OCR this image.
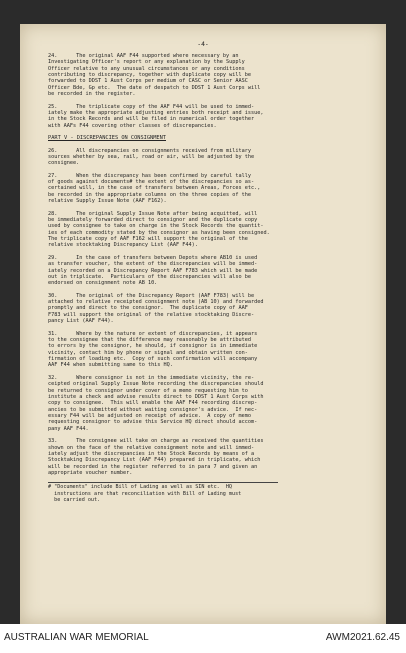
-4-
24.      The original AAF F44 supported where necessary by an
Investigating Officer's report or any explanation by the Supply
Officer relative to any unusual circumstances or any conditions
contributing to discrepancy, together with duplicate copy will be
forwarded to DDST 1 Aust Corps per medium of CASC or Senior AASC
Officer Bde, Gp etc.  The date of despatch to DDST 1 Aust Corps will
be recorded in the register.
25.      The triplicate copy of the AAF F44 will be used to immed-
iately make the appropriate adjusting entries both receipt and issue,
in the Stock Records and will be filed in numerical order together
with AAFs F44 covering other classes of discrepancies.
PART V - DISCREPANCIES ON CONSIGNMENT
26.      All discrepancies on consignments received from military
sources whether by sea, rail, road or air, will be adjusted by the
consignee.
27.      When the discrepancy has been confirmed by careful tally
of goods against documents# the extent of the discrepancies so as-
certained will, in the case of transfers between Areas, Forces etc.,
be recorded in the appropriate columns on the three copies of the
relative Supply Issue Note (AAF F162).
28.      The original Supply Issue Note after being acquitted, will
be immediately forwarded direct to consignor and the duplicate copy
used by consignee to take on charge in the Stock Records the quantit-
ies of each commodity stated by the consignor as having been consigned.
The triplicate copy of AAF F162 will support the original of the
relative stocktaking Discrepancy List (AAF F44).
29.      In the case of transfers between Depots where AB10 is used
as transfer voucher, the extent of the discrepancies will be immed-
iately recorded on a Discrepancy Report AAF F783 which will be made
out in triplicate.  Particulars of the discrepancies will also be
endorsed on consignment note AB 10.
30.      The original of the Discrepancy Report (AAF F783) will be
attached to relative receipted consignment note (AB 10) and forwarded
promptly and direct to the consignor.  The duplicate copy of AAF
F783 will support the original of the relative stocktaking Discre-
pancy List (AAF F44).
31.      Where by the nature or extent of discrepancies, it appears
to the consignee that the difference may reasonably be attributed
to errors by the consignor, he should, if consignor is in immediate
vicinity, contact him by phone or signal and obtain written con-
firmation of loading etc.  Copy of such confirmation will accompany
AAF F44 when submitting same to this HQ.
32.      Where consignor is not in the immediate vicinity, the re-
ceipted original Supply Issue Note recording the discrepancies should
be returned to consignor under cover of a memo requesting him to
institute a check and advise results direct to DDST 1 Aust Corps with
copy to consignee.  This will enable the AAF F44 recording discrep-
ancies to be submitted without waiting consignor's advice.  If nec-
essary F44 will be adjusted on receipt of advice.  A copy of memo
requesting consignor to advise this Service HQ direct should accom-
pany AAF F44.
33.      The consignee will take on charge as received the quantities
shown on the face of the relative consignment note and will immed-
iately adjust the discrepancies in the Stock Records by means of a
Stocktaking Discrepancy List (AAF F44) prepared in triplicate, which
will be recorded in the register referred to in para 7 and given an
appropriate voucher number.
# "Documents" include Bill of Lading as well as SIN etc.  HQ
instructions are that reconciliation with Bill of Lading must
be carried out.
AUSTRALIAN WAR MEMORIAL	AWM2021.62.45
